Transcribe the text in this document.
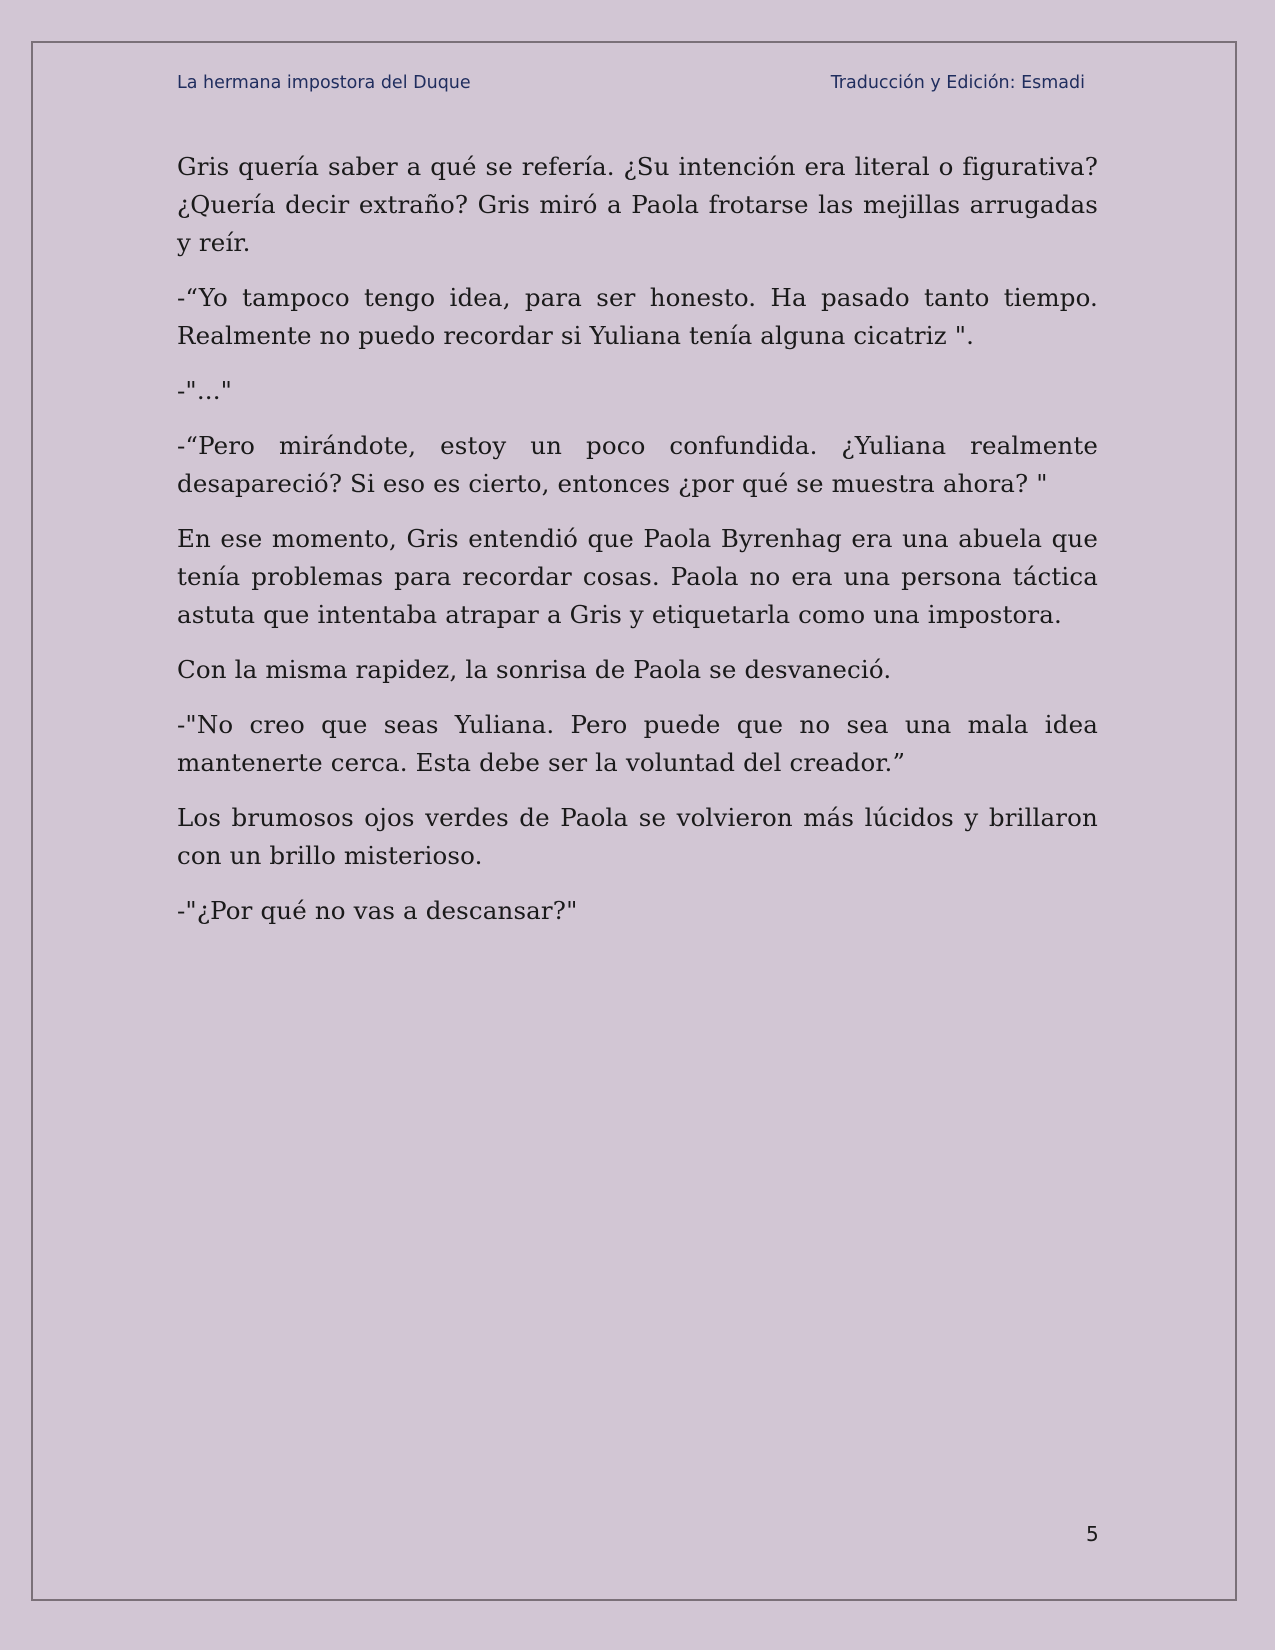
La hermana impostora del Duque	Traducción y Edición: Esmadi

Gris quería saber a qué se refería. ¿Su intención era literal o figurativa? ¿Quería decir extraño? Gris miró a Paola frotarse las mejillas arrugadas y reír.

-“Yo tampoco tengo idea, para ser honesto. Ha pasado tanto tiempo. Realmente no puedo recordar si Yuliana tenía alguna cicatriz ".

-"..."

-“Pero mirándote, estoy un poco confundida. ¿Yuliana realmente desapareció? Si eso es cierto, entonces ¿por qué se muestra ahora? "

En ese momento, Gris entendió que Paola Byrenhag era una abuela que tenía problemas para recordar cosas. Paola no era una persona táctica astuta que intentaba atrapar a Gris y etiquetarla como una impostora.

Con la misma rapidez, la sonrisa de Paola se desvaneció.

-"No creo que seas Yuliana. Pero puede que no sea una mala idea mantenerte cerca. Esta debe ser la voluntad del creador.”

Los brumosos ojos verdes de Paola se volvieron más lúcidos y brillaron con un brillo misterioso.

-"¿Por qué no vas a descansar?"

5
